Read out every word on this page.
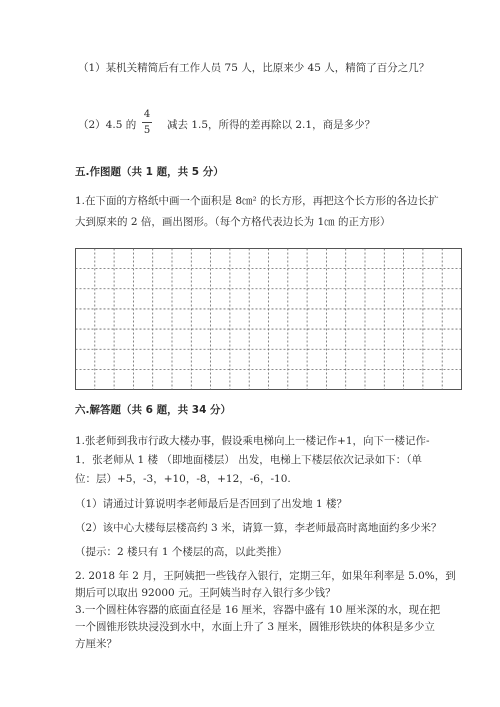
（1）某机关精简后有工作人员 75 人，比原来少 45 人，精简了百分之几？
（2）4.5 的
4
5 减去 1.5，所得的差再除以 2.1，商是多少？
五.作图题（共 1 题，共 5 分）
1.在下面的方格纸中画一个面积是 8㎝² 的长方形，再把这个长方形的各边长扩
大到原来的 2 倍，画出图形。（每个方格代表边长为 1㎝ 的正方形）
六.解答题（共 6 题，共 34 分）
1.张老师到我市行政大楼办事，假设乘电梯向上一楼记作+1，向下一楼记作-
1．张老师从 1 楼 （即地面楼层） 出发，电梯上下楼层依次记录如下：（单
位：层）+5，-3，+10，-8，+12，-6，-10.
（1）请通过计算说明李老师最后是否回到了出发地 1 楼？
（2）该中心大楼每层楼高约 3 米，请算一算，李老师最高时离地面约多少米？
（提示：2 楼只有 1 个楼层的高，以此类推）
2. 2018 年 2 月，王阿姨把一些钱存入银行，定期三年，如果年利率是 5.0%，到
期后可以取出 92000 元。王阿姨当时存入银行多少钱？
3.一个圆柱体容器的底面直径是 16 厘米，容器中盛有 10 厘米深的水，现在把
一个圆锥形铁块浸没到水中，水面上升了 3 厘米，圆锥形铁块的体积是多少立
方厘米？
